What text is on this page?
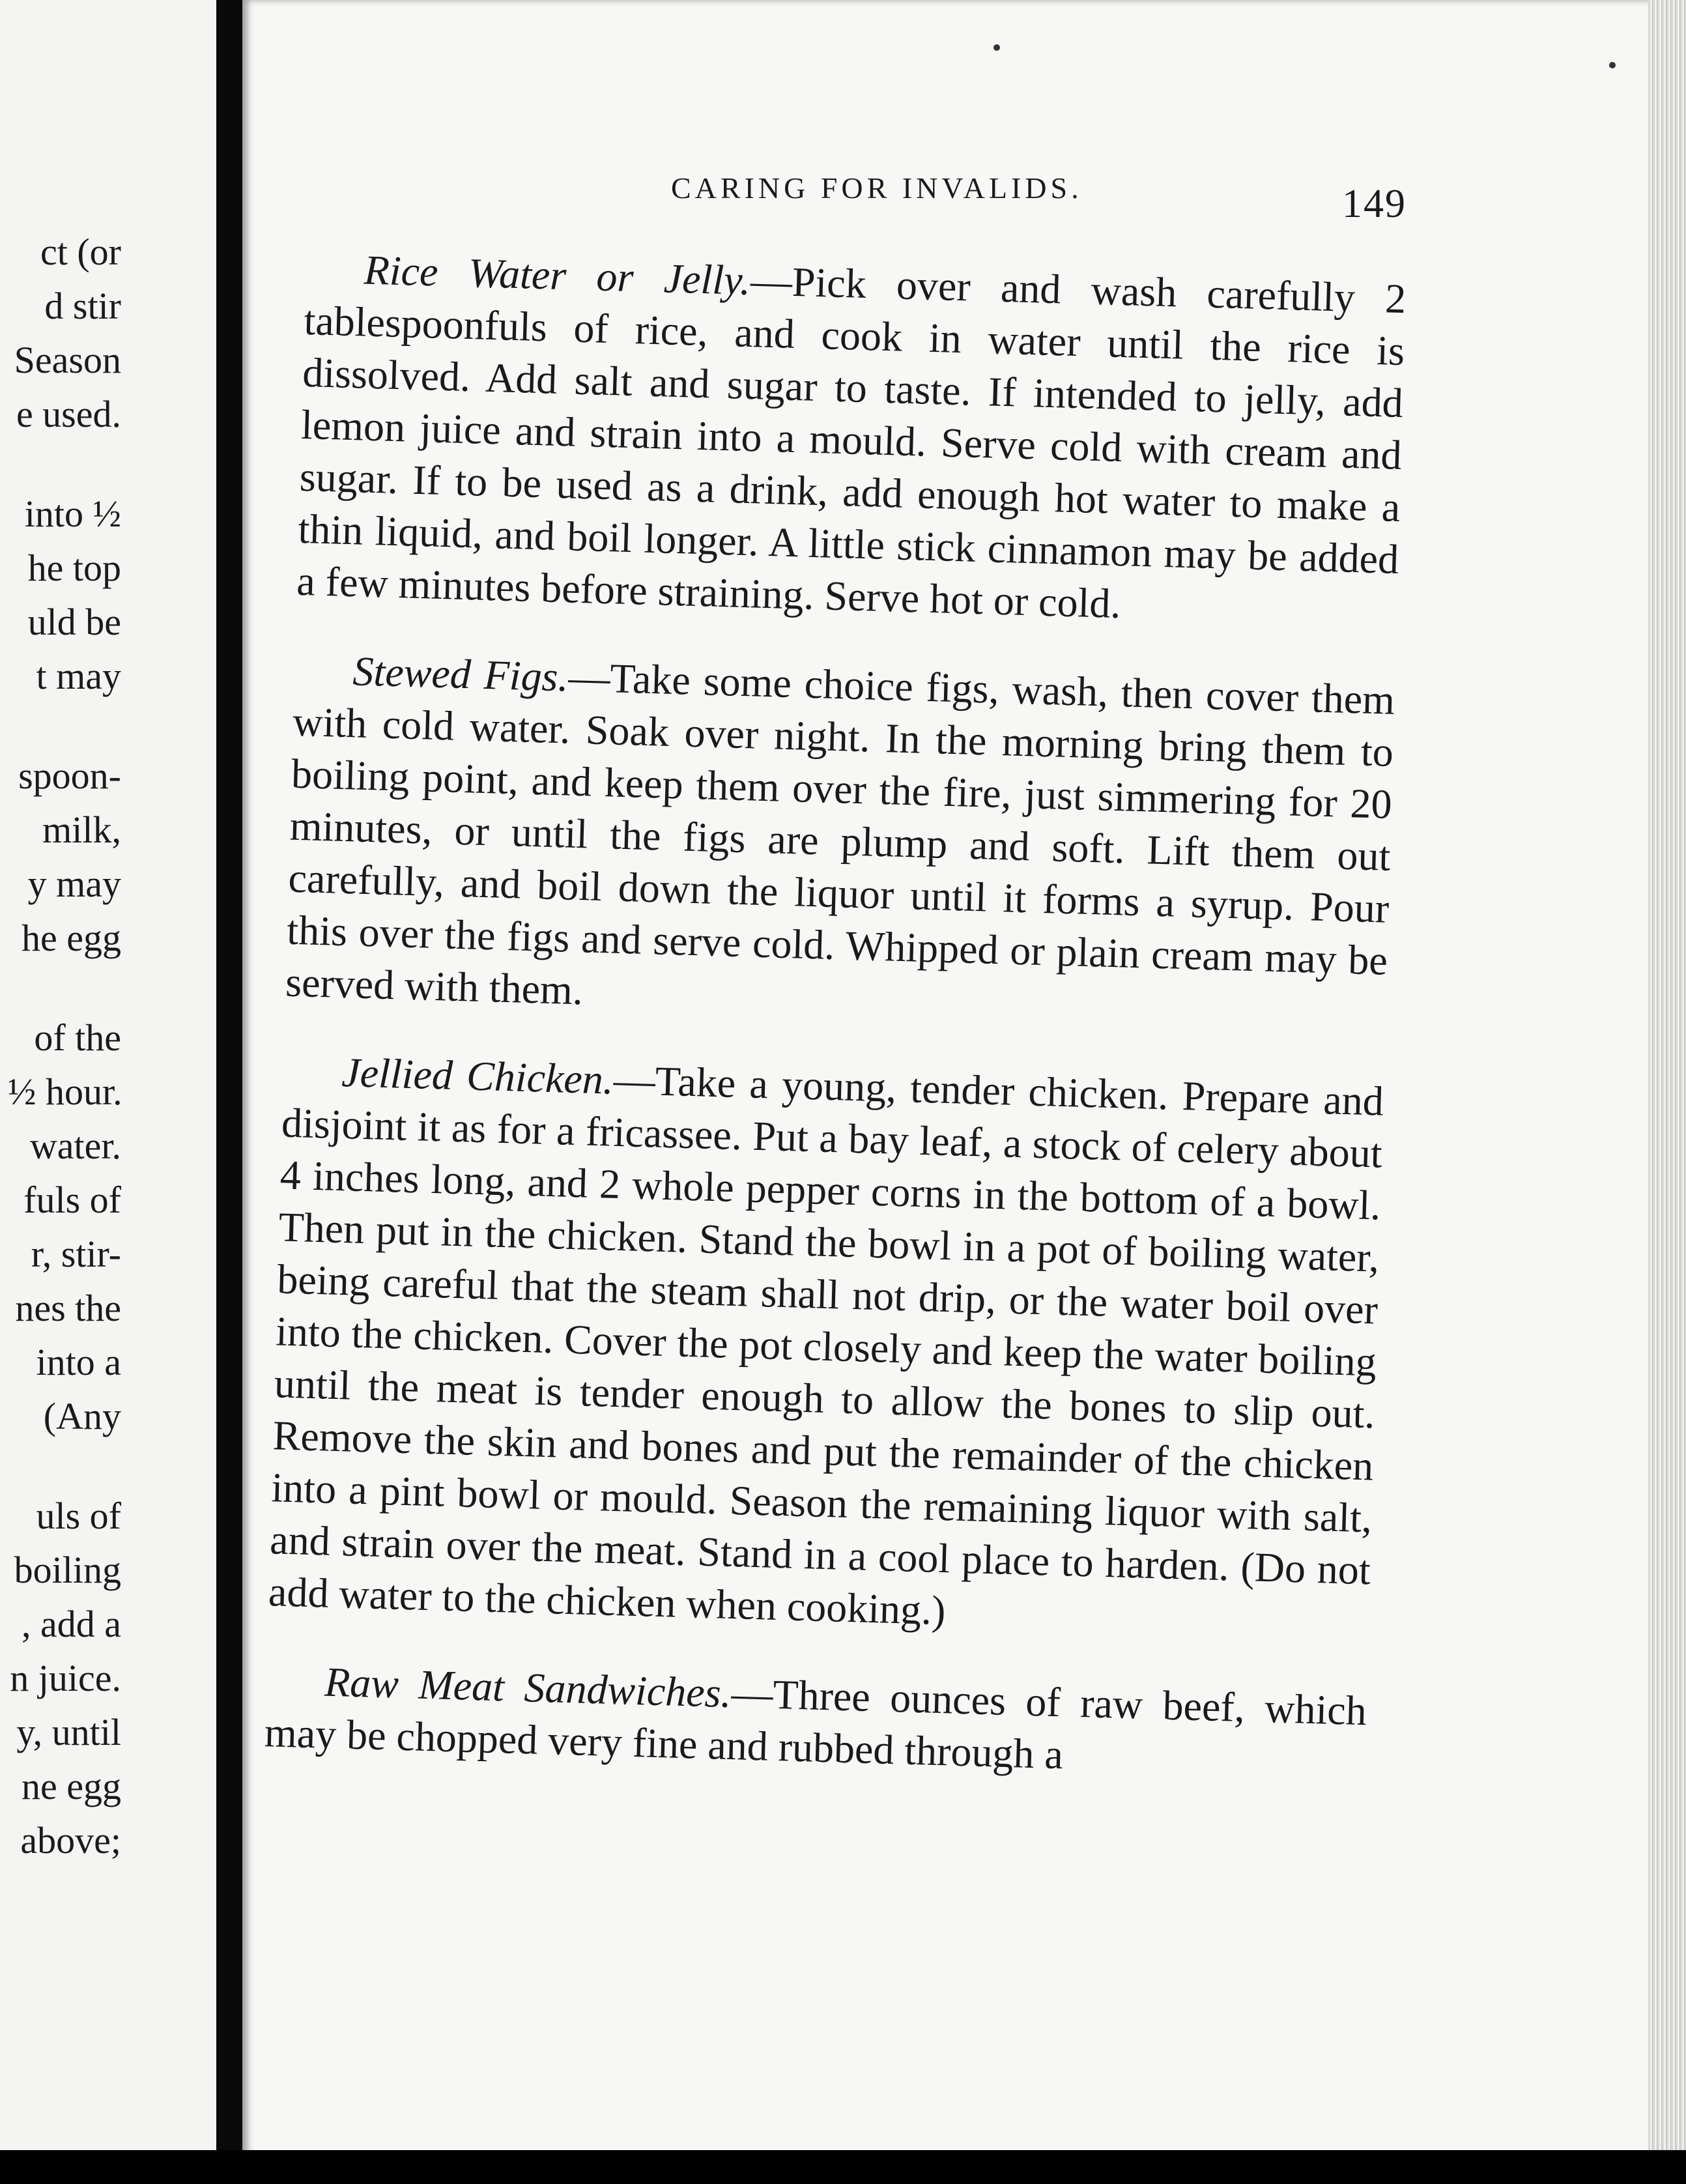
ct (or
d stir
Season
e used.
into ½
he top
uld be
t may
spoon-
milk,
y may
he egg
of the
½ hour.
water.
fuls of
r, stir-
nes the
into a
(Any
uls of
boiling
, add a
n juice.
y, until
ne egg
above;
CARING FOR INVALIDS.	149

Rice Water or Jelly.—Pick over and wash carefully 2 tablespoonfuls of rice, and cook in water until the rice is dissolved. Add salt and sugar to taste. If intended to jelly, add lemon juice and strain into a mould. Serve cold with cream and sugar. If to be used as a drink, add enough hot water to make a thin liquid, and boil longer. A little stick cinnamon may be added a few minutes before straining. Serve hot or cold.

Stewed Figs.—Take some choice figs, wash, then cover them with cold water. Soak over night. In the morning bring them to boiling point, and keep them over the fire, just simmering for 20 minutes, or until the figs are plump and soft. Lift them out carefully, and boil down the liquor until it forms a syrup. Pour this over the figs and serve cold. Whipped or plain cream may be served with them.

Jellied Chicken.—Take a young, tender chicken. Prepare and disjoint it as for a fricassee. Put a bay leaf, a stock of celery about 4 inches long, and 2 whole pepper corns in the bottom of a bowl. Then put in the chicken. Stand the bowl in a pot of boiling water, being careful that the steam shall not drip, or the water boil over into the chicken. Cover the pot closely and keep the water boiling until the meat is tender enough to allow the bones to slip out. Remove the skin and bones and put the remainder of the chicken into a pint bowl or mould. Season the remaining liquor with salt, and strain over the meat. Stand in a cool place to harden. (Do not add water to the chicken when cooking.)

Raw Meat Sandwiches.—Three ounces of raw beef, which may be chopped very fine and rubbed through a
